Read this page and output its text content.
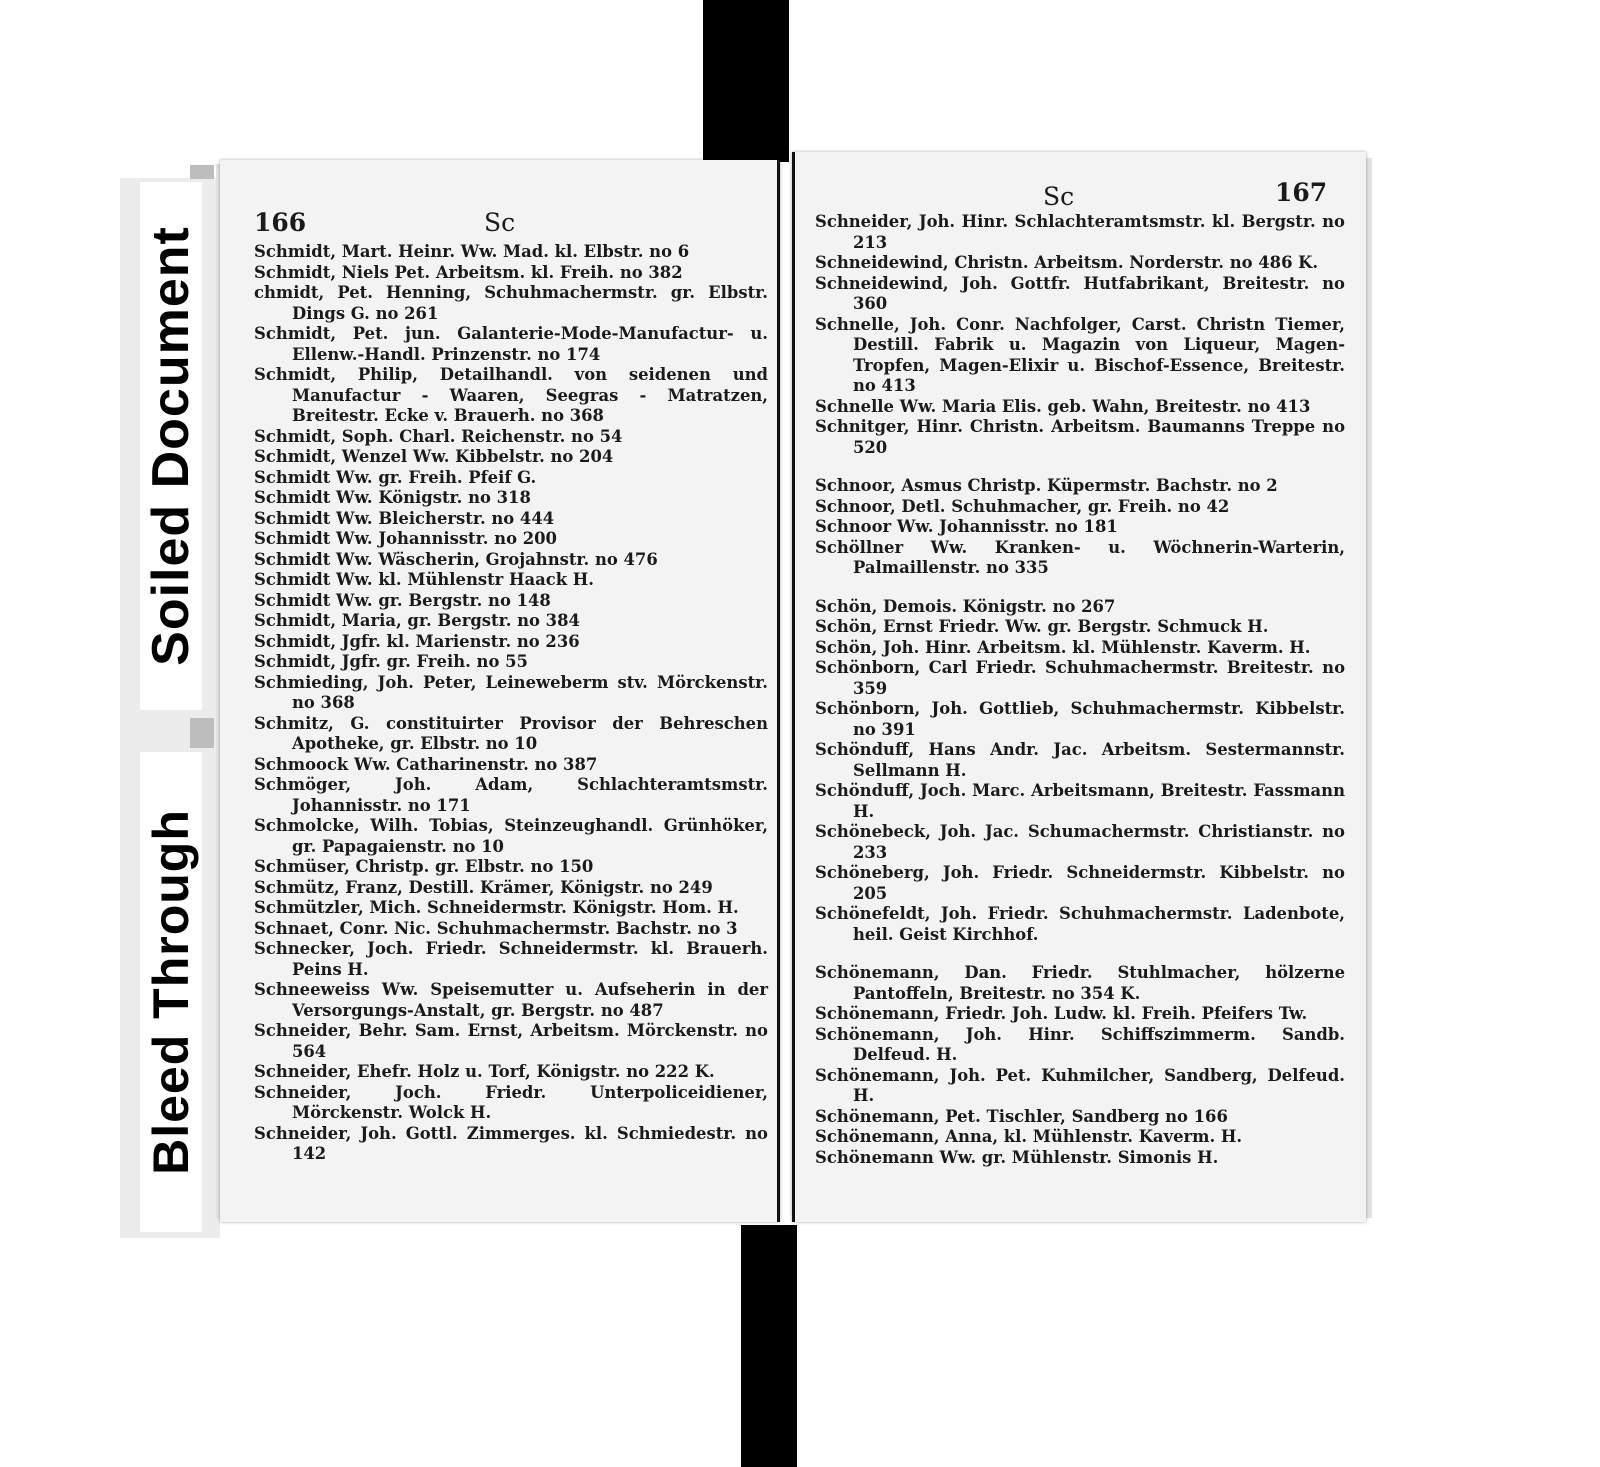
Soiled Document
Bleed Through
166	Sc
Schmidt, Mart. Heinr. Ww. Mad. kl. Elbstr. no 6
Schmidt, Niels Pet. Arbeitsm. kl. Freih. no 382
chmidt, Pet. Henning, Schuhmachermstr. gr. Elbstr. Dings G. no 261
Schmidt, Pet. jun. Galanterie-Mode-Manufactur- u. Ellenw.-Handl. Prinzenstr. no 174
Schmidt, Philip, Detailhandl. von seidenen und Manufactur - Waaren, Seegras - Matratzen, Breitestr. Ecke v. Brauerh. no 368
Schmidt, Soph. Charl. Reichenstr. no 54
Schmidt, Wenzel Ww. Kibbelstr. no 204
Schmidt Ww. gr. Freih. Pfeif G.
Schmidt Ww. Königstr. no 318
Schmidt Ww. Bleicherstr. no 444
Schmidt Ww. Johannisstr. no 200
Schmidt Ww. Wäscherin, Grojahnstr. no 476
Schmidt Ww. kl. Mühlenstr Haack H.
Schmidt Ww. gr. Bergstr. no 148
Schmidt, Maria, gr. Bergstr. no 384
Schmidt, Jgfr. kl. Marienstr. no 236
Schmidt, Jgfr. gr. Freih. no 55
Schmieding, Joh. Peter, Leineweberm stv. Mörckenstr. no 368
Schmitz, G. constituirter Provisor der Behreschen Apotheke, gr. Elbstr. no 10
Schmoock Ww. Catharinenstr. no 387
Schmöger, Joh. Adam, Schlachteramtsmstr. Johannisstr. no 171
Schmolcke, Wilh. Tobias, Steinzeughandl. Grünhöker, gr. Papagaienstr. no 10
Schmüser, Christp. gr. Elbstr. no 150
Schmütz, Franz, Destill. Krämer, Königstr. no 249
Schmützler, Mich. Schneidermstr. Königstr. Hom. H.
Schnaet, Conr. Nic. Schuhmachermstr. Bachstr. no 3
Schnecker, Joch. Friedr. Schneidermstr. kl. Brauerh. Peins H.
Schneeweiss Ww. Speisemutter u. Aufseherin in der Versorgungs-Anstalt, gr. Bergstr. no 487
Schneider, Behr. Sam. Ernst, Arbeitsm. Mörckenstr. no 564
Schneider, Ehefr. Holz u. Torf, Königstr. no 222 K.
Schneider, Joch. Friedr. Unterpoliceidiener, Mörckenstr. Wolck H.
Schneider, Joh. Gottl. Zimmerges. kl. Schmiedestr. no 142
Sc	167
Schneider, Joh. Hinr. Schlachteramtsmstr. kl. Bergstr. no 213
Schneidewind, Christn. Arbeitsm. Norderstr. no 486 K.
Schneidewind, Joh. Gottfr. Hutfabrikant, Breitestr. no 360
Schnelle, Joh. Conr. Nachfolger, Carst. Christn Tiemer, Destill. Fabrik u. Magazin von Liqueur, Magen-Tropfen, Magen-Elixir u. Bischof-Essence, Breitestr. no 413
Schnelle Ww. Maria Elis. geb. Wahn, Breitestr. no 413
Schnitger, Hinr. Christn. Arbeitsm. Baumanns Treppe no 520
Schnoor, Asmus Christp. Küpermstr. Bachstr. no 2
Schnoor, Detl. Schuhmacher, gr. Freih. no 42
Schnoor Ww. Johannisstr. no 181
Schöllner Ww. Kranken- u. Wöchnerin-Warterin, Palmaillenstr. no 335
Schön, Demois. Königstr. no 267
Schön, Ernst Friedr. Ww. gr. Bergstr. Schmuck H.
Schön, Joh. Hinr. Arbeitsm. kl. Mühlenstr. Kaverm. H.
Schönborn, Carl Friedr. Schuhmachermstr. Breitestr. no 359
Schönborn, Joh. Gottlieb, Schuhmachermstr. Kibbelstr. no 391
Schönduff, Hans Andr. Jac. Arbeitsm. Sestermannstr. Sellmann H.
Schönduff, Joch. Marc. Arbeitsmann, Breitestr. Fassmann H.
Schönebeck, Joh. Jac. Schumachermstr. Christianstr. no 233
Schöneberg, Joh. Friedr. Schneidermstr. Kibbelstr. no 205
Schönefeldt, Joh. Friedr. Schuhmachermstr. Ladenbote, heil. Geist Kirchhof.
Schönemann, Dan. Friedr. Stuhlmacher, hölzerne Pantoffeln, Breitestr. no 354 K.
Schönemann, Friedr. Joh. Ludw. kl. Freih. Pfeifers Tw.
Schönemann, Joh. Hinr. Schiffszimmerm. Sandb. Delfeud. H.
Schönemann, Joh. Pet. Kuhmilcher, Sandberg, Delfeud. H.
Schönemann, Pet. Tischler, Sandberg no 166
Schönemann, Anna, kl. Mühlenstr. Kaverm. H.
Schönemann Ww. gr. Mühlenstr. Simonis H.
